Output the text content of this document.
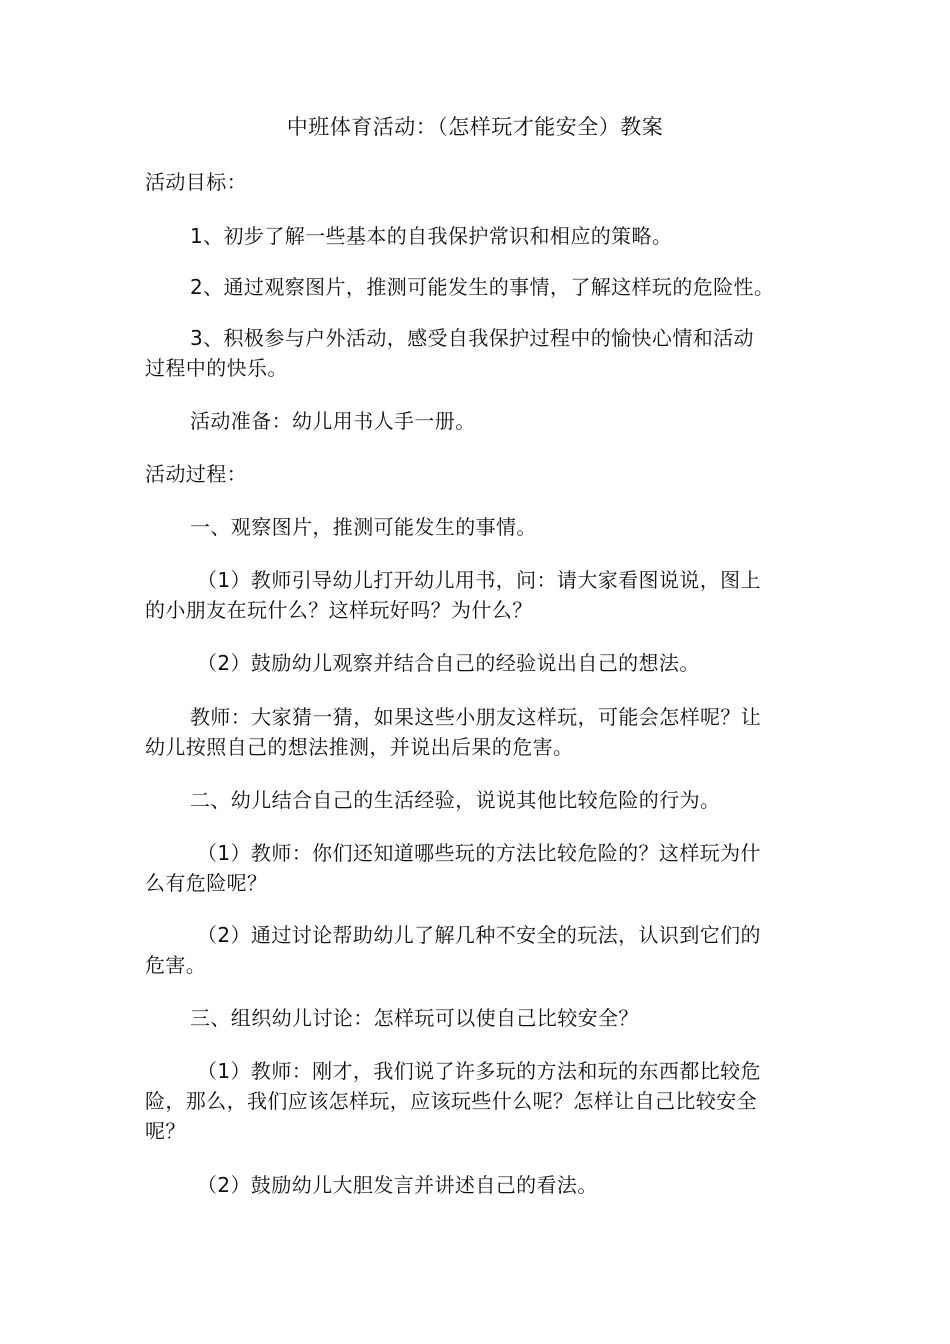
中班体育活动：（怎样玩才能安全）教案

活动目标：

1、初步了解一些基本的自我保护常识和相应的策略。

2、通过观察图片，推测可能发生的事情，了解这样玩的危险性。

3、积极参与户外活动，感受自我保护过程中的愉快心情和活动

过程中的快乐。

活动准备：幼儿用书人手一册。

活动过程：

一、观察图片，推测可能发生的事情。

（1）教师引导幼儿打开幼儿用书，问：请大家看图说说，图上

的小朋友在玩什么？这样玩好吗？为什么？

（2）鼓励幼儿观察并结合自己的经验说出自己的想法。

教师：大家猜一猜，如果这些小朋友这样玩，可能会怎样呢？让

幼儿按照自己的想法推测，并说出后果的危害。

二、幼儿结合自己的生活经验，说说其他比较危险的行为。

（1）教师：你们还知道哪些玩的方法比较危险的？这样玩为什

么有危险呢？

（2）通过讨论帮助幼儿了解几种不安全的玩法，认识到它们的

危害。

三、组织幼儿讨论：怎样玩可以使自己比较安全？

（1）教师：刚才，我们说了许多玩的方法和玩的东西都比较危

险，那么，我们应该怎样玩，应该玩些什么呢？怎样让自己比较安全

呢？

（2）鼓励幼儿大胆发言并讲述自己的看法。
